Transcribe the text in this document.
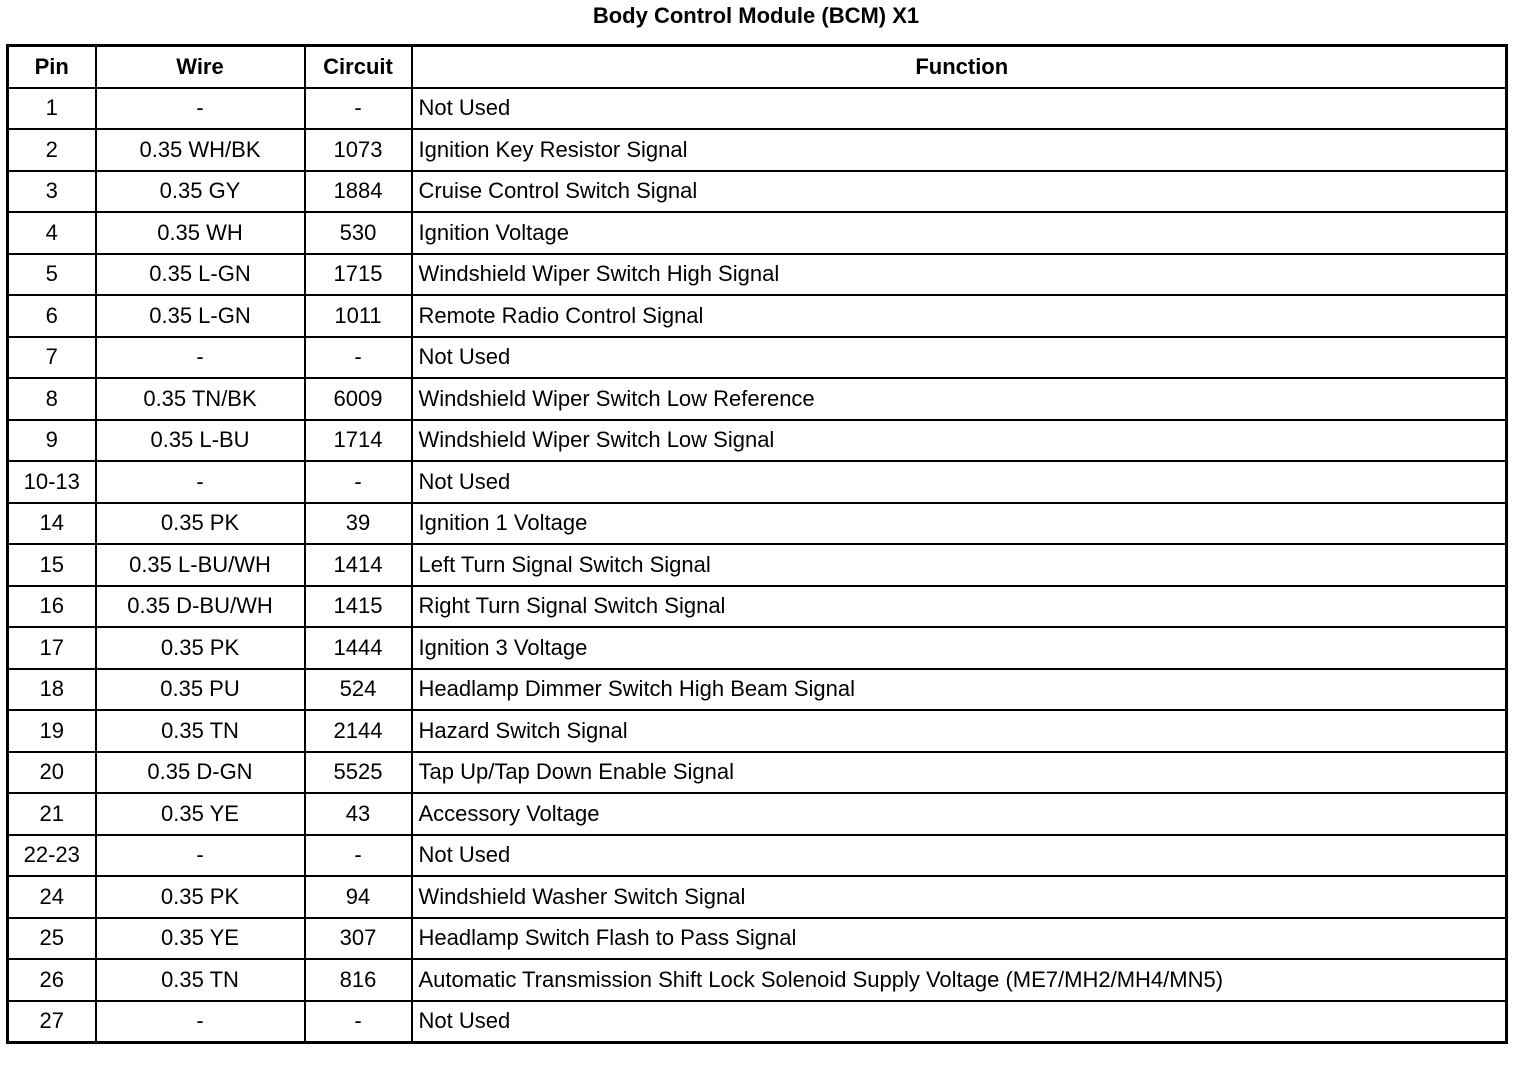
Body Control Module (BCM) X1
Pin	Wire	Circuit	Function
1	-	-	Not Used
2	0.35 WH/BK	1073	Ignition Key Resistor Signal
3	0.35 GY	1884	Cruise Control Switch Signal
4	0.35 WH	530	Ignition Voltage
5	0.35 L-GN	1715	Windshield Wiper Switch High Signal
6	0.35 L-GN	1011	Remote Radio Control Signal
7	-	-	Not Used
8	0.35 TN/BK	6009	Windshield Wiper Switch Low Reference
9	0.35 L-BU	1714	Windshield Wiper Switch Low Signal
10-13	-	-	Not Used
14	0.35 PK	39	Ignition 1 Voltage
15	0.35 L-BU/WH	1414	Left Turn Signal Switch Signal
16	0.35 D-BU/WH	1415	Right Turn Signal Switch Signal
17	0.35 PK	1444	Ignition 3 Voltage
18	0.35 PU	524	Headlamp Dimmer Switch High Beam Signal
19	0.35 TN	2144	Hazard Switch Signal
20	0.35 D-GN	5525	Tap Up/Tap Down Enable Signal
21	0.35 YE	43	Accessory Voltage
22-23	-	-	Not Used
24	0.35 PK	94	Windshield Washer Switch Signal
25	0.35 YE	307	Headlamp Switch Flash to Pass Signal
26	0.35 TN	816	Automatic Transmission Shift Lock Solenoid Supply Voltage (ME7/MH2/MH4/MN5)
27	-	-	Not Used
